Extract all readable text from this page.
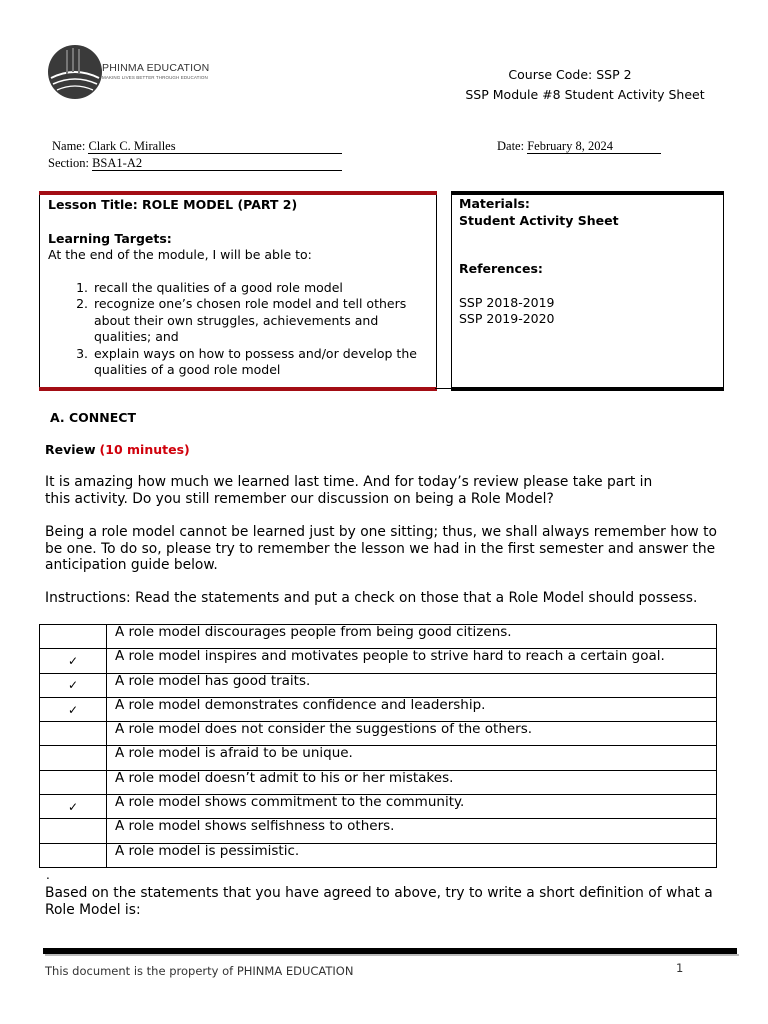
PHINMA EDUCATION
MAKING LIVES BETTER THROUGH EDUCATION	Course Code: SSP 2
SSP Module #8 Student Activity Sheet
Name: Clark C. Miralles
Section: BSA1-A2
Date: February 8, 2024
Lesson Title: ROLE MODEL (PART 2)
Learning Targets:
At the end of the module, I will be able to:
1. recall the qualities of a good role model
2. recognize one’s chosen role model and tell others about their own struggles, achievements and qualities; and
3. explain ways on how to possess and/or develop the qualities of a good role model
Materials:
Student Activity Sheet
References:
SSP 2018-2019
SSP 2019-2020
A. CONNECT
Review (10 minutes)
It is amazing how much we learned last time. And for today’s review please take part in this activity. Do you still remember our discussion on being a Role Model?
Being a role model cannot be learned just by one sitting; thus, we shall always remember how to be one. To do so, please try to remember the lesson we had in the first semester and answer the anticipation guide below.
Instructions: Read the statements and put a check on those that a Role Model should possess.
	A role model discourages people from being good citizens.
✓	A role model inspires and motivates people to strive hard to reach a certain goal.
✓	A role model has good traits.
✓	A role model demonstrates confidence and leadership.
	A role model does not consider the suggestions of the others.
	A role model is afraid to be unique.
	A role model doesn’t admit to his or her mistakes.
✓	A role model shows commitment to the community.
	A role model shows selfishness to others.
	A role model is pessimistic.
.
Based on the statements that you have agreed to above, try to write a short definition of what a Role Model is:
This document is the property of PHINMA EDUCATION	1
